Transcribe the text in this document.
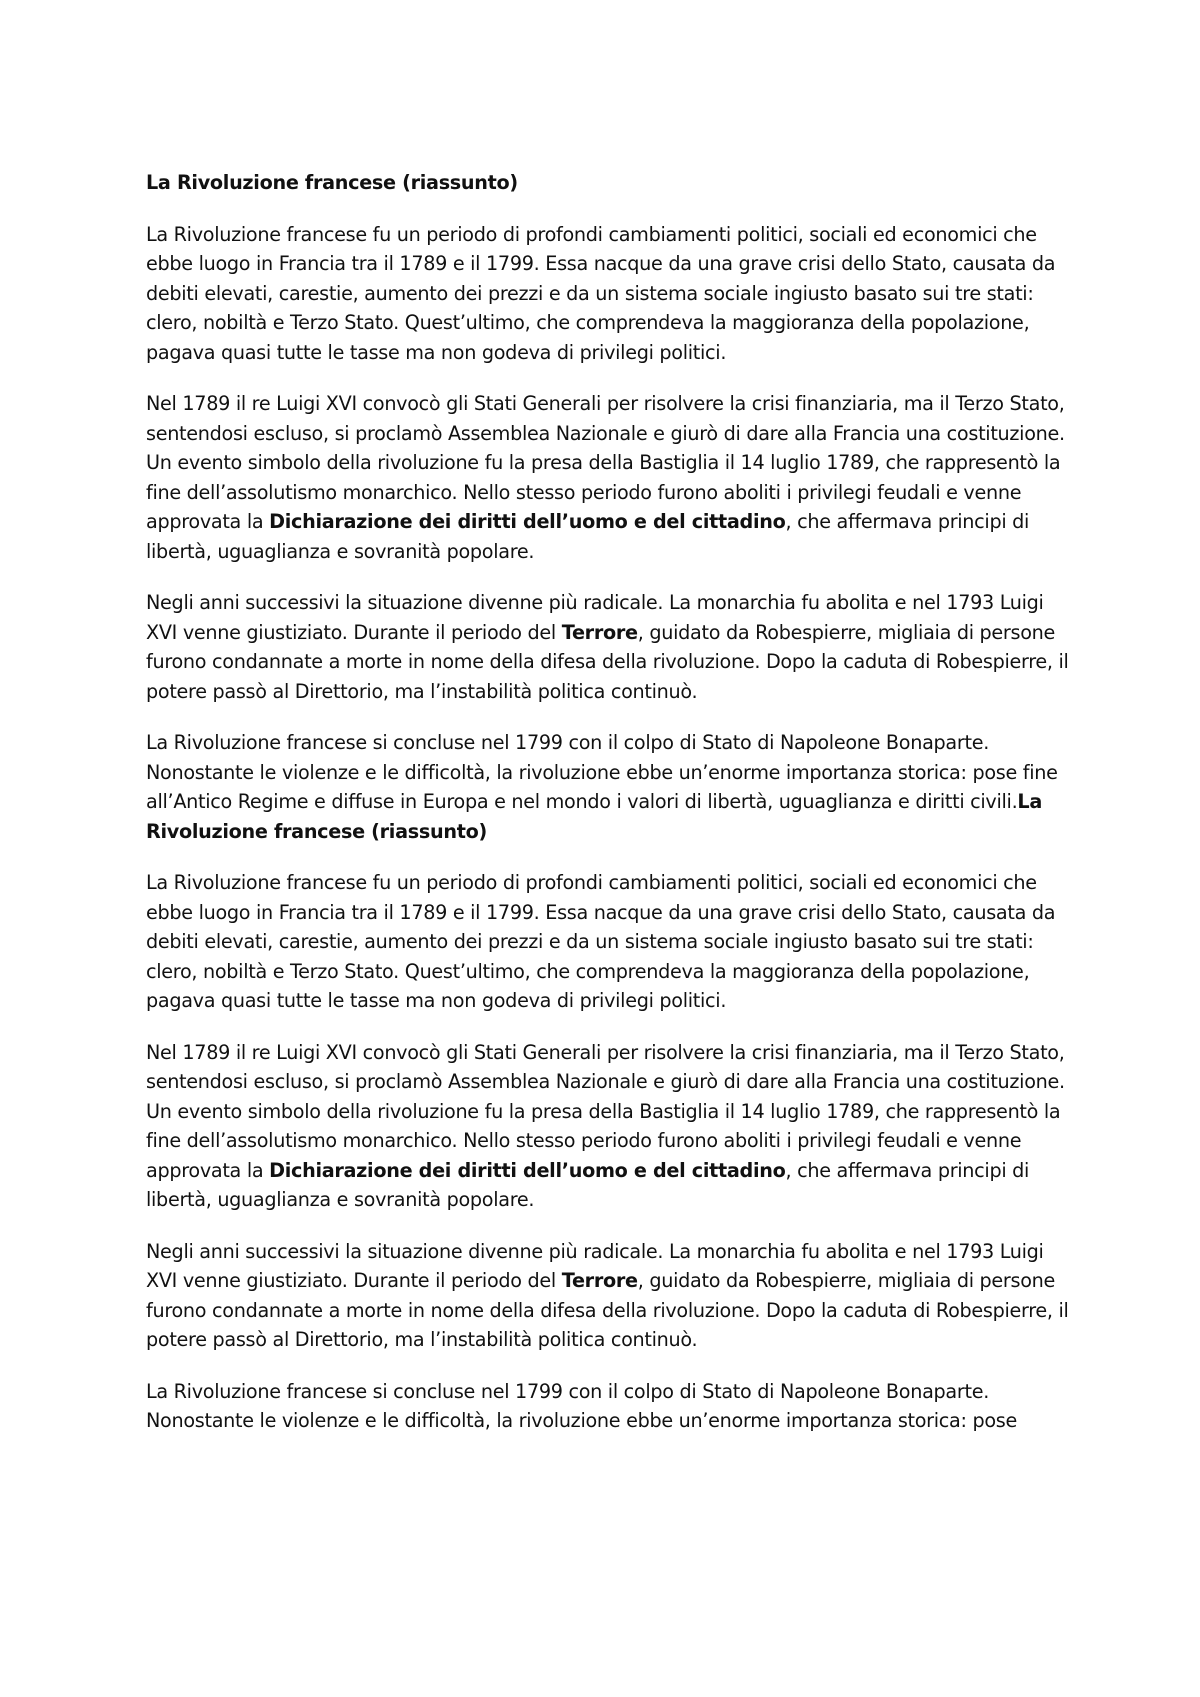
La Rivoluzione francese (riassunto)

La Rivoluzione francese fu un periodo di profondi cambiamenti politici, sociali ed economici che ebbe luogo in Francia tra il 1789 e il 1799. Essa nacque da una grave crisi dello Stato, causata da debiti elevati, carestie, aumento dei prezzi e da un sistema sociale ingiusto basato sui tre stati: clero, nobiltà e Terzo Stato. Quest’ultimo, che comprendeva la maggioranza della popolazione, pagava quasi tutte le tasse ma non godeva di privilegi politici.

Nel 1789 il re Luigi XVI convocò gli Stati Generali per risolvere la crisi finanziaria, ma il Terzo Stato, sentendosi escluso, si proclamò Assemblea Nazionale e giurò di dare alla Francia una costituzione. Un evento simbolo della rivoluzione fu la presa della Bastiglia il 14 luglio 1789, che rappresentò la fine dell’assolutismo monarchico. Nello stesso periodo furono aboliti i privilegi feudali e venne approvata la Dichiarazione dei diritti dell’uomo e del cittadino, che affermava principi di libertà, uguaglianza e sovranità popolare.

Negli anni successivi la situazione divenne più radicale. La monarchia fu abolita e nel 1793 Luigi XVI venne giustiziato. Durante il periodo del Terrore, guidato da Robespierre, migliaia di persone furono condannate a morte in nome della difesa della rivoluzione. Dopo la caduta di Robespierre, il potere passò al Direttorio, ma l’instabilità politica continuò.

La Rivoluzione francese si concluse nel 1799 con il colpo di Stato di Napoleone Bonaparte. Nonostante le violenze e le difficoltà, la rivoluzione ebbe un’enorme importanza storica: pose fine all’Antico Regime e diffuse in Europa e nel mondo i valori di libertà, uguaglianza e diritti civili.La Rivoluzione francese (riassunto)

La Rivoluzione francese fu un periodo di profondi cambiamenti politici, sociali ed economici che ebbe luogo in Francia tra il 1789 e il 1799. Essa nacque da una grave crisi dello Stato, causata da debiti elevati, carestie, aumento dei prezzi e da un sistema sociale ingiusto basato sui tre stati: clero, nobiltà e Terzo Stato. Quest’ultimo, che comprendeva la maggioranza della popolazione, pagava quasi tutte le tasse ma non godeva di privilegi politici.

Nel 1789 il re Luigi XVI convocò gli Stati Generali per risolvere la crisi finanziaria, ma il Terzo Stato, sentendosi escluso, si proclamò Assemblea Nazionale e giurò di dare alla Francia una costituzione. Un evento simbolo della rivoluzione fu la presa della Bastiglia il 14 luglio 1789, che rappresentò la fine dell’assolutismo monarchico. Nello stesso periodo furono aboliti i privilegi feudali e venne approvata la Dichiarazione dei diritti dell’uomo e del cittadino, che affermava principi di libertà, uguaglianza e sovranità popolare.

Negli anni successivi la situazione divenne più radicale. La monarchia fu abolita e nel 1793 Luigi XVI venne giustiziato. Durante il periodo del Terrore, guidato da Robespierre, migliaia di persone furono condannate a morte in nome della difesa della rivoluzione. Dopo la caduta di Robespierre, il potere passò al Direttorio, ma l’instabilità politica continuò.

La Rivoluzione francese si concluse nel 1799 con il colpo di Stato di Napoleone Bonaparte. Nonostante le violenze e le difficoltà, la rivoluzione ebbe un’enorme importanza storica: pose
